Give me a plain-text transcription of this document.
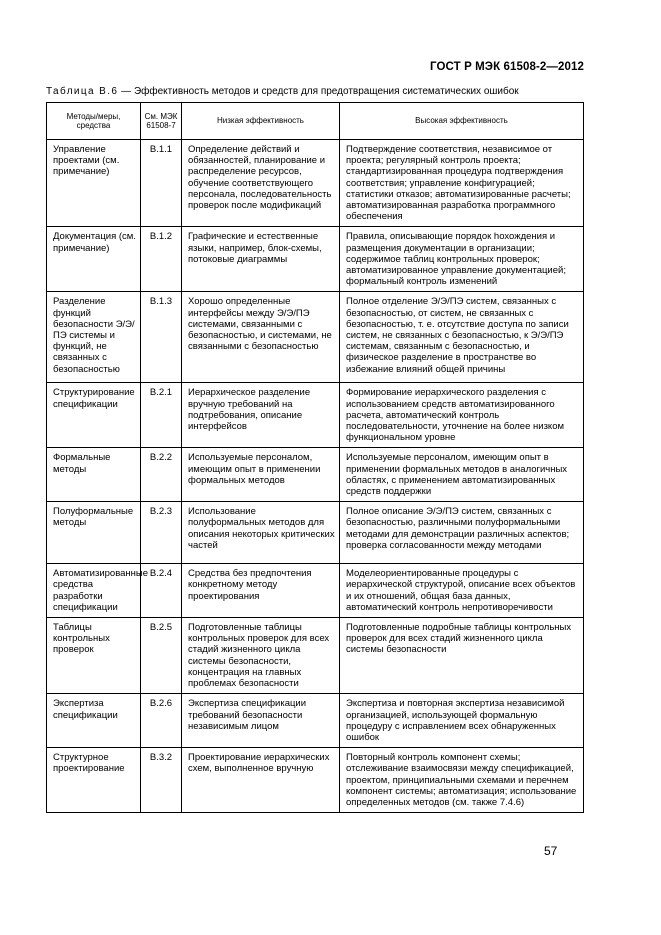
ГОСТ Р МЭК 61508-2—2012
Таблица В.6 — Эффективность методов и средств для предотвращения систематических ошибок
Методы/меры, средства	См. МЭК 61508-7	Низкая эффективность	Высокая эффективность
Управление проектами (см. примечание)	B.1.1	Определение действий и обязанностей, планирование и распределение ресурсов, обучение соответствующего персонала, последовательность проверок после модификаций	Подтверждение соответствия, независимое от проекта; регулярный контроль проекта; стандартизированная процедура подтверждения соответствия; управление конфигурацией; статистики отказов; автоматизированные расчеты; автоматизированная разработка программного обеспечения
Документация (см. примечание)	B.1.2	Графические и естественные языки, например, блок-схемы, потоковые диаграммы	Правила, описывающие порядок hохождения и размещения документации в организации; содержимое таблиц контрольных проверок; автоматизированное управление документацией; формальный контроль изменений
Разделение функций безопасности Э/Э/ПЭ системы и функций, не связанных с безопасностью	B.1.3	Хорошо определенные интерфейсы между Э/Э/ПЭ системами, связанными с безопасностью, и системами, не связанными с безопасностью	Полное отделение Э/Э/ПЭ систем, связанных с безопасностью, от систем, не связанных с безопасностью, т. е. отсутствие доступа по записи систем, не связанных с безопасностью, к Э/Э/ПЭ системам, связанным с безопасностью, и физическое разделение в пространстве во избежание влияний общей причины
Структурирование спецификации	B.2.1	Иерархическое разделение вручную требований на подтребования, описание интерфейсов	Формирование иерархического разделения с использованием средств автоматизированного расчета, автоматический контроль последовательности, уточнение на более низком функциональном уровне
Формальные методы	B.2.2	Используемые персоналом, имеющим опыт в применении формальных методов	Используемые персоналом, имеющим опыт в применении формальных методов в аналогичных областях, с применением автоматизированных средств поддержки
Полуформальные методы	B.2.3	Использование полуформальных методов для описания некоторых критических частей	Полное описание Э/Э/ПЭ систем, связанных с безопасностью, различными полуформальными методами для демонстрации различных аспектов; проверка согласованности между методами
Автоматизированные средства разработки спецификации	B.2.4	Средства без предпочтения конкретному методу проектирования	Моделеориентированные процедуры с иерархической структурой, описание всех объектов и их отношений, общая база данных, автоматический контроль непротиворечивости
Таблицы контрольных проверок	B.2.5	Подготовленные таблицы контрольных проверок для всех стадий жизненного цикла системы безопасности, концентрация на главных проблемах безопасности	Подготовленные подробные таблицы контрольных проверок для всех стадий жизненного цикла системы безопасности
Экспертиза спецификации	B.2.6	Экспертиза спецификации требований безопасности независимым лицом	Экспертиза и повторная экспертиза независимой организацией, использующей формальную процедуру с исправлением всех обнаруженных ошибок
Структурное проектирование	B.3.2	Проектирование иерархических схем, выполненное вручную	Повторный контроль компонент схемы; отслеживание взаимосвязи между спецификацией, проектом, принципиальными схемами и перечнем компонент системы; автоматизация; использование определенных методов (см. также 7.4.6)
57
